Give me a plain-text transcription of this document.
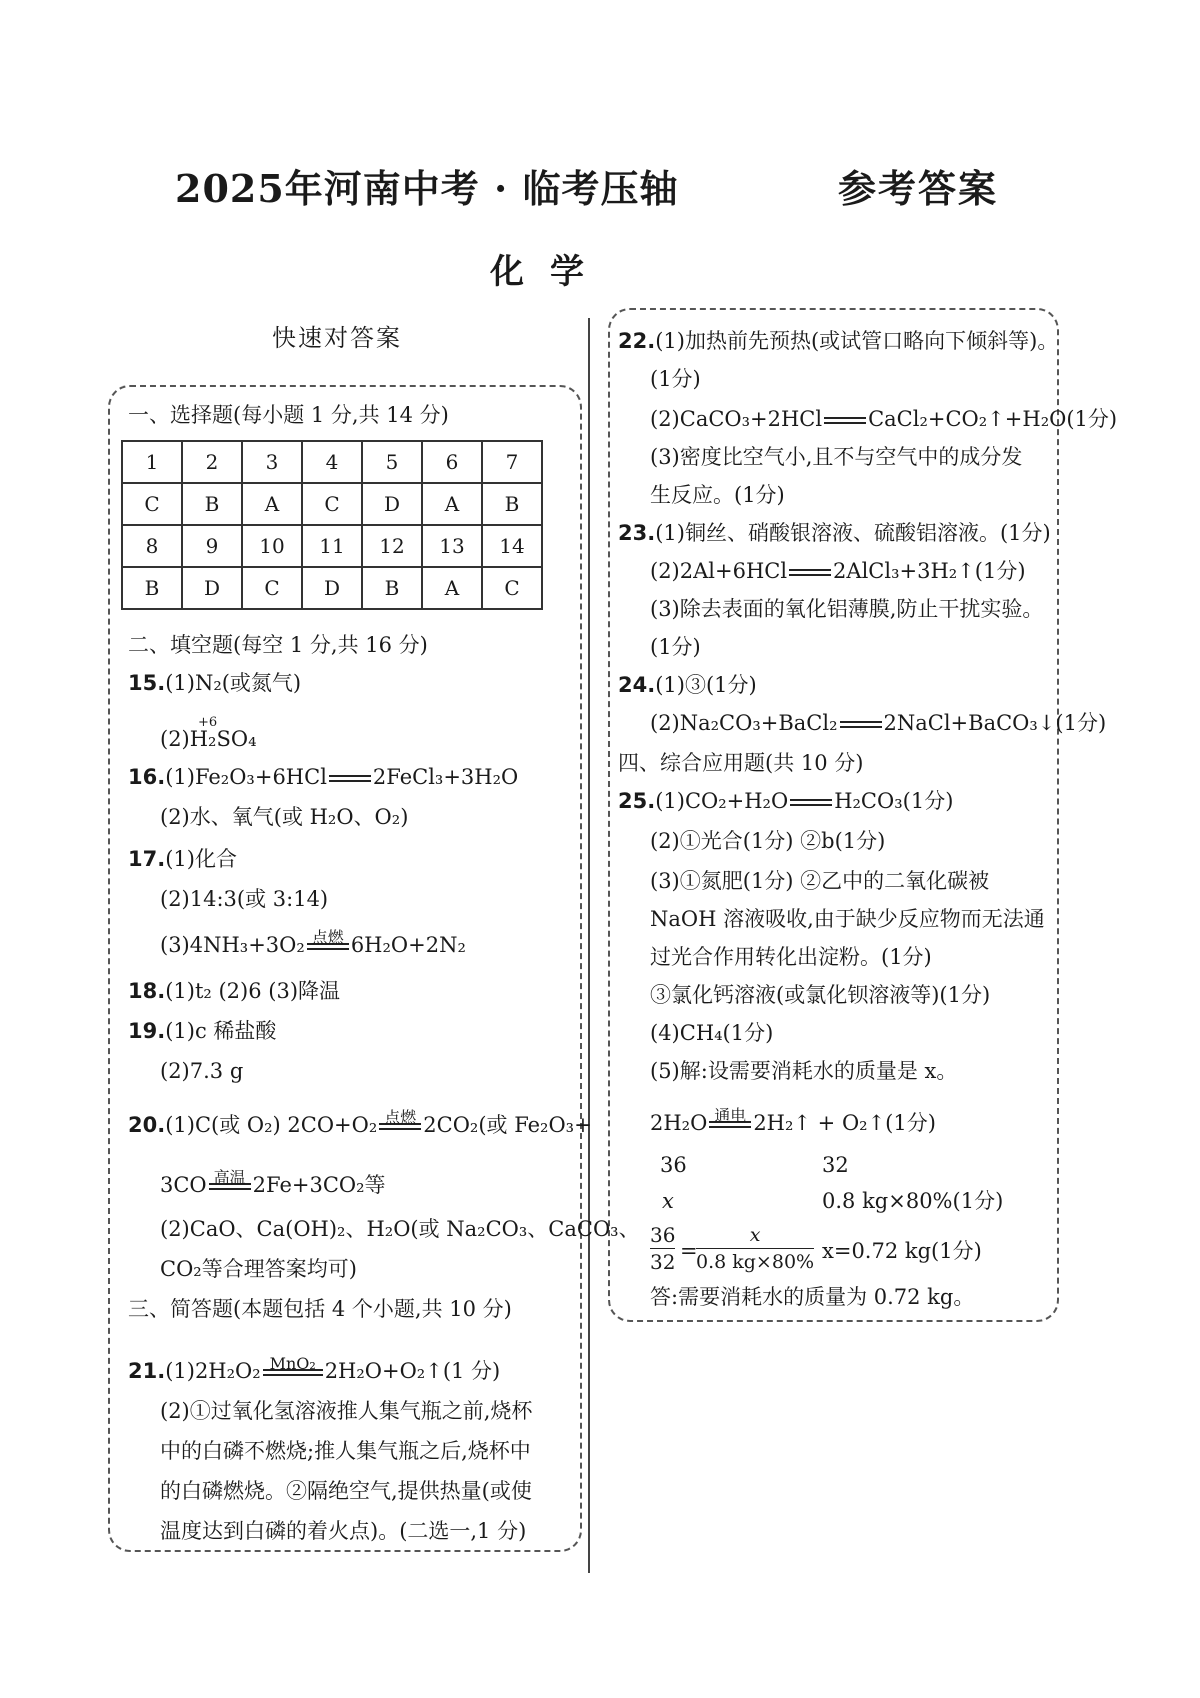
2025年河南中考 · 临考压轴	参考答案
化学
快速对答案
一、选择题(每小题 1 分,共 14 分)
1	2	3	4	5	6	7
C	B	A	C	D	A	B
8	9	10	11	12	13	14
B	D	C	D	B	A	C
二、填空题(每空 1 分,共 16 分)
15.(1)N₂(或氮气)
+6
(2)H₂SO₄
16.(1)Fe₂O₃+6HCl 2FeCl₃+3H₂O
(2)水、氧气(或 H₂O、O₂)
17.(1)化合
(2)14:3(或 3:14)
(3)4NH₃+3O₂ 点燃 6H₂O+2N₂
18.(1)t₂ (2)6 (3)降温
19.(1)c 稀盐酸
(2)7.3 g
20.(1)C(或 O₂) 2CO+O₂ 点燃 2CO₂(或 Fe₂O₃+
3CO 高温 2Fe+3CO₂等
(2)CaO、Ca(OH)₂、H₂O(或 Na₂CO₃、CaCO₃、
CO₂等合理答案均可)
三、简答题(本题包括 4 个小题,共 10 分)
21.(1)2H₂O₂ MnO₂ 2H₂O+O₂↑(1 分)
(2)①过氧化氢溶液推人集气瓶之前,烧杯
中的白磷不燃烧;推人集气瓶之后,烧杯中
的白磷燃烧。②隔绝空气,提供热量(或使
温度达到白磷的着火点)。(二选一,1 分)
22.(1)加热前先预热(或试管口略向下倾斜等)。
(1分)
(2)CaCO₃+2HCl CaCl₂+CO₂↑+H₂O(1分)
(3)密度比空气小,且不与空气中的成分发
生反应。(1分)
23.(1)铜丝、硝酸银溶液、硫酸铝溶液。(1分)
(2)2Al+6HCl 2AlCl₃+3H₂↑(1分)
(3)除去表面的氧化铝薄膜,防止干扰实验。
(1分)
24.(1)③(1分)
(2)Na₂CO₃+BaCl₂ 2NaCl+BaCO₃↓(1分)
四、综合应用题(共 10 分)
25.(1)CO₂+H₂O H₂CO₃(1分)
(2)①光合(1分) ②b(1分)
(3)①氮肥(1分) ②乙中的二氧化碳被
NaOH 溶液吸收,由于缺少反应物而无法通
过光合作用转化出淀粉。(1分)
③氯化钙溶液(或氯化钡溶液等)(1分)
(4)CH₄(1分)
(5)解:设需要消耗水的质量是 x。
2H₂O 通电 2H₂↑ + O₂↑(1分)
36	32
x	0.8 kg×80%(1分)
36
32 =
x
0.8 kg×80% x=0.72 kg(1分)
答:需要消耗水的质量为 0.72 kg。
